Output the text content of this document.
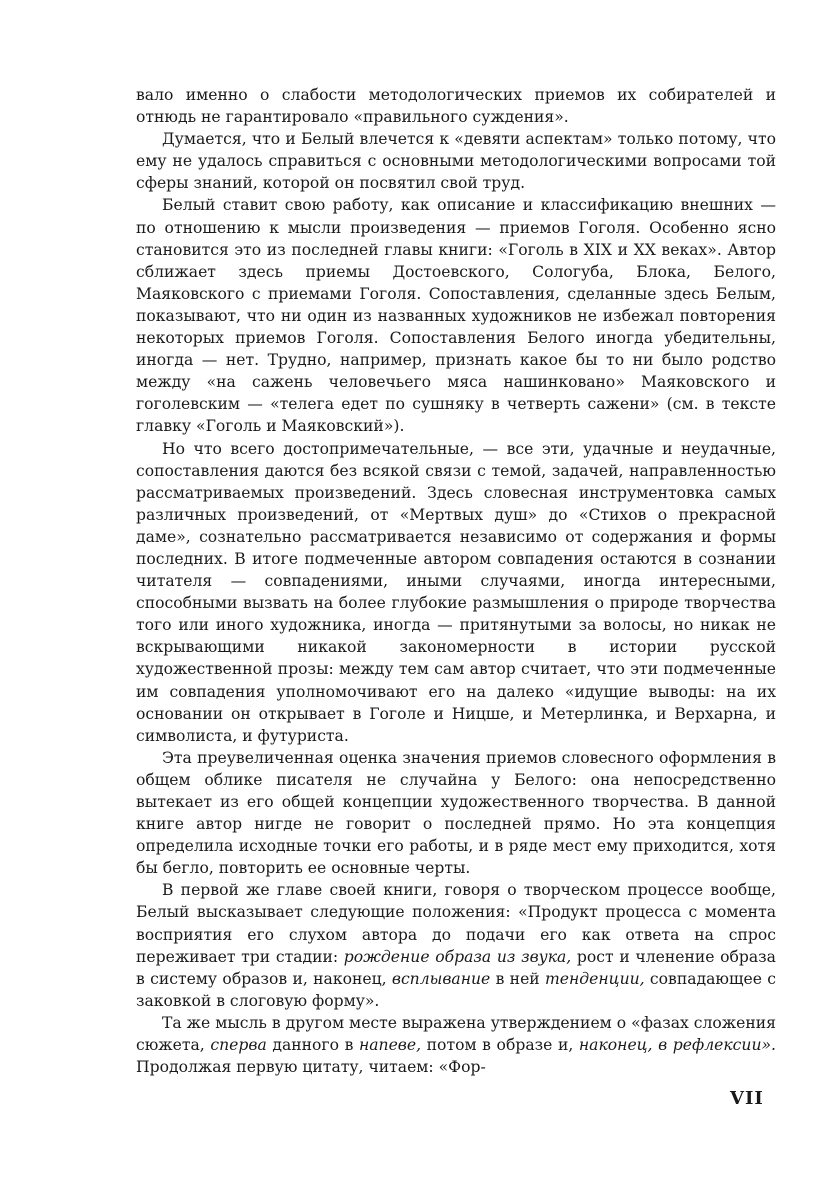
вало именно о слабости методологических приемов их собирателей и отнюдь не гарантировало «правильного суждения».

Думается, что и Белый влечется к «девяти аспектам» только потому, что ему не удалось справиться с основными методологическими вопросами той сферы знаний, которой он посвятил свой труд.

Белый ставит свою работу, как описание и классификацию внешних — по отношению к мысли произведения — приемов Гоголя. Особенно ясно становится это из последней главы книги: «Гоголь в XIX и XX веках». Автор сближает здесь приемы Достоевского, Сологуба, Блока, Белого, Маяковского с приемами Гоголя. Сопоставления, сделанные здесь Белым, показывают, что ни один из названных художников не избежал повторения некоторых приемов Гоголя. Сопоставления Белого иногда убедительны, иногда — нет. Трудно, например, признать какое бы то ни было родство между «на сажень человечьего мяса нашинковано» Маяковского и гоголевским — «телега едет по сушняку в четверть сажени» (см. в тексте главку «Гоголь и Маяковский»).

Но что всего достопримечательные, — все эти, удачные и неудачные, сопоставления даются без всякой связи с темой, задачей, направленностью рассматриваемых произведений. Здесь словесная инструментовка самых различных произведений, от «Мертвых душ» до «Стихов о прекрасной даме», сознательно рассматривается независимо от содержания и формы последних. В итоге подмеченные автором совпадения остаются в сознании читателя — совпадениями, иными случаями, иногда интересными, способными вызвать на более глубокие размышления о природе творчества того или иного художника, иногда — притянутыми за волосы, но никак не вскрывающими никакой закономерности в истории русской художественной прозы: между тем сам автор считает, что эти подмеченные им совпадения уполномочивают его на далеко «идущие выводы: на их основании он открывает в Гоголе и Ницше, и Метерлинка, и Верхарна, и символиста, и футуриста.

Эта преувеличенная оценка значения приемов словесного оформления в общем облике писателя не случайна у Белого: она непосредственно вытекает из его общей концепции художественного творчества. В данной книге автор нигде не говорит о последней прямо. Но эта концепция определила исходные точки его работы, и в ряде мест ему приходится, хотя бы бегло, повторить ее основные черты.

В первой же главе своей книги, говоря о творческом процессе вообще, Белый высказывает следующие положения: «Продукт процесса с момента восприятия его слухом автора до подачи его как ответа на спрос переживает три стадии: рождение образа из звука, рост и членение образа в систему образов и, наконец, всплывание в ней тенденции, совпадающее с заковкой в слоговую форму».

Та же мысль в другом месте выражена утверждением о «фазах сложения сюжета, сперва данного в напеве, потом в образе и, наконец, в рефлексии». Продолжая первую цитату, читаем: «Фор-

VII
